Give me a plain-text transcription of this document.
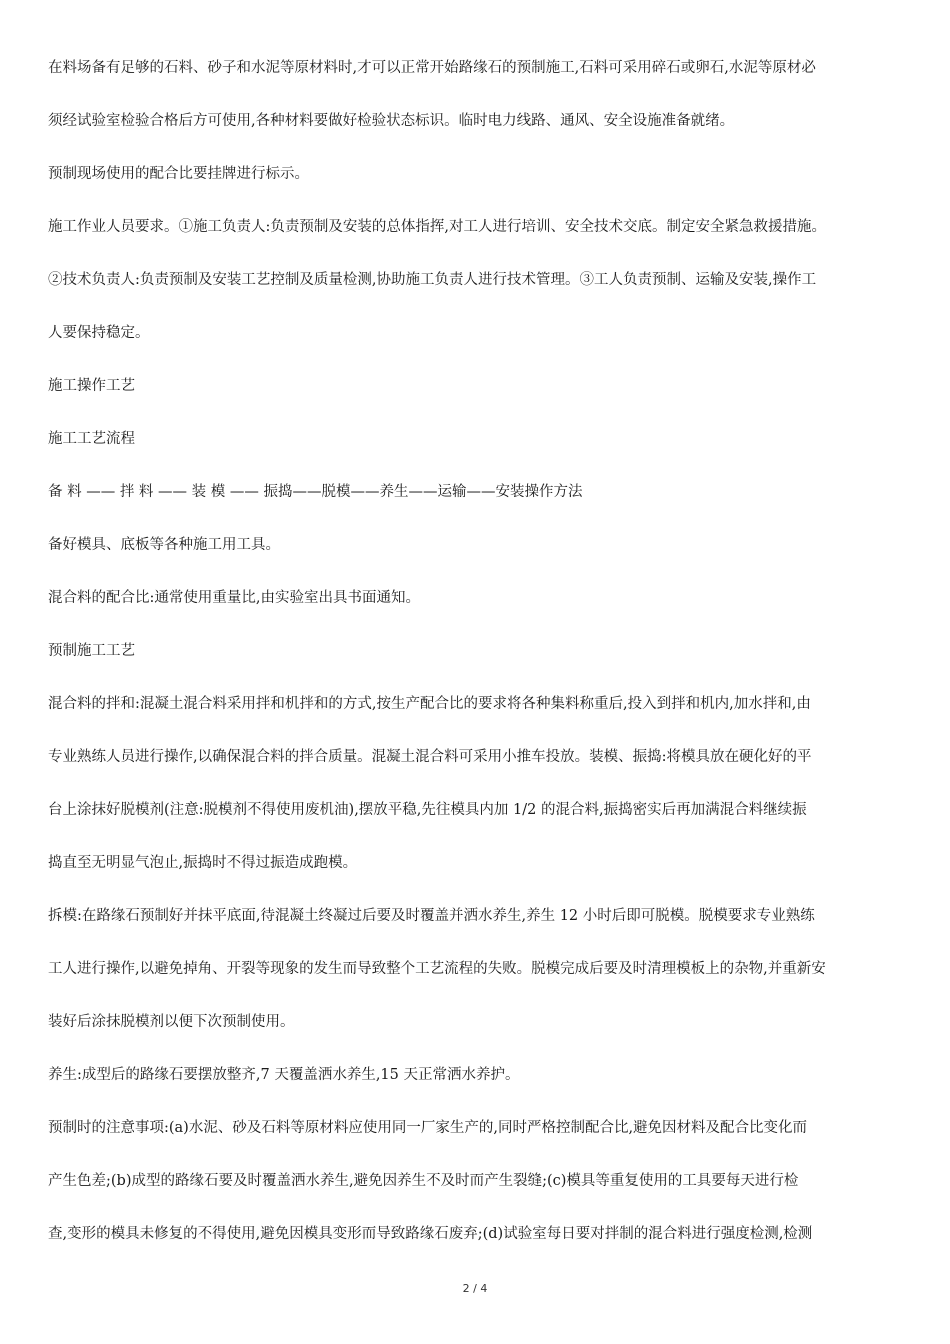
在料场备有足够的石料、砂子和水泥等原材料时,才可以正常开始路缘石的预制施工,石料可采用碎石或卵石,水泥等原材必
须经试验室检验合格后方可使用,各种材料要做好检验状态标识。临时电力线路、通风、安全设施准备就绪。
预制现场使用的配合比要挂牌进行标示。
施工作业人员要求。①施工负责人:负责预制及安装的总体指挥,对工人进行培训、安全技术交底。制定安全紧急救援措施。
②技术负责人:负责预制及安装工艺控制及质量检测,协助施工负责人进行技术管理。③工人负责预制、运输及安装,操作工
人要保持稳定。
施工操作工艺
施工工艺流程
备 料 —— 拌 料 —— 装 模 —— 振捣——脱模——养生——运输——安装操作方法
备好模具、底板等各种施工用工具。
混合料的配合比:通常使用重量比,由实验室出具书面通知。
预制施工工艺
混合料的拌和:混凝土混合料采用拌和机拌和的方式,按生产配合比的要求将各种集料称重后,投入到拌和机内,加水拌和,由
专业熟练人员进行操作,以确保混合料的拌合质量。混凝土混合料可采用小推车投放。装模、振捣:将模具放在硬化好的平
台上涂抹好脱模剂(注意:脱模剂不得使用废机油),摆放平稳,先往模具内加 1/2 的混合料,振捣密实后再加满混合料继续振
捣直至无明显气泡止,振捣时不得过振造成跑模。
拆模:在路缘石预制好并抹平底面,待混凝土终凝过后要及时覆盖并洒水养生,养生 12 小时后即可脱模。脱模要求专业熟练
工人进行操作,以避免掉角、开裂等现象的发生而导致整个工艺流程的失败。脱模完成后要及时清理模板上的杂物,并重新安
装好后涂抹脱模剂以便下次预制使用。
养生:成型后的路缘石要摆放整齐,7 天覆盖洒水养生,15 天正常洒水养护。
预制时的注意事项:(a)水泥、砂及石料等原材料应使用同一厂家生产的,同时严格控制配合比,避免因材料及配合比变化而
产生色差;(b)成型的路缘石要及时覆盖洒水养生,避免因养生不及时而产生裂缝;(c)模具等重复使用的工具要每天进行检
查,变形的模具未修复的不得使用,避免因模具变形而导致路缘石废弃;(d)试验室每日要对拌制的混合料进行强度检测,检测
2 / 4
